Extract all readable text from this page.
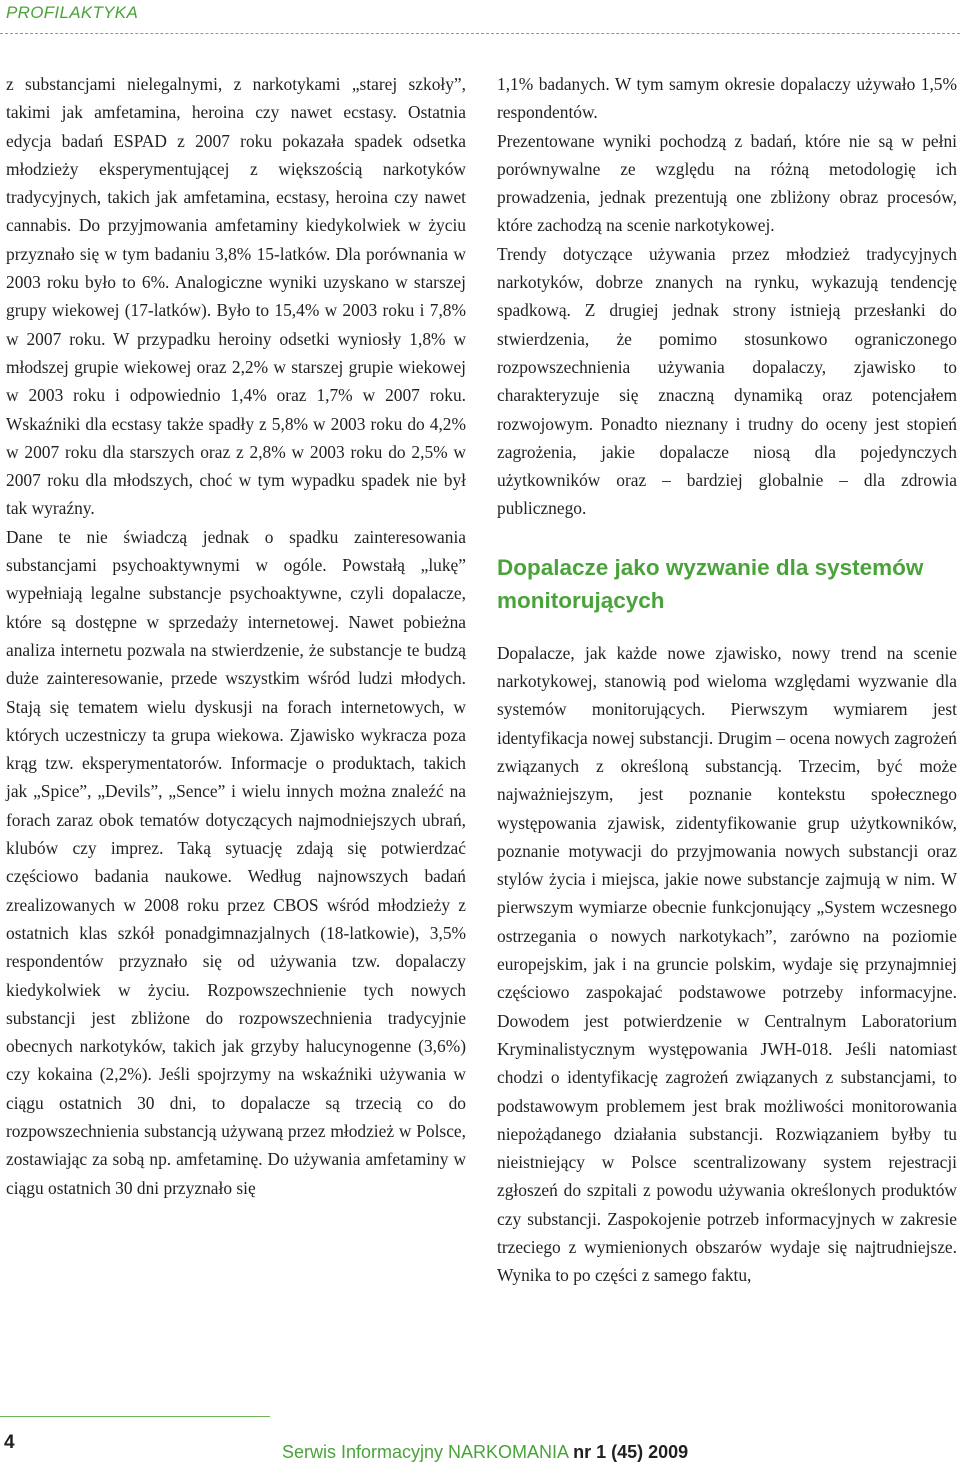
PROFILAKTYKA

z substancjami nielegalnymi, z narkotykami „starej szkoły”, takimi jak amfetamina, heroina czy nawet ecstasy. Ostatnia edycja badań ESPAD z 2007 roku pokazała spadek odsetka młodzieży eksperymentującej z większością narkotyków tradycyjnych, takich jak amfetamina, ecstasy, heroina czy nawet cannabis. Do przyjmowania amfetaminy kiedykolwiek w życiu przyznało się w tym badaniu 3,8% 15-latków. Dla porównania w 2003 roku było to 6%. Analogiczne wyniki uzyskano w starszej grupy wiekowej (17-latków). Było to 15,4% w 2003 roku i 7,8% w 2007 roku. W przypadku heroiny odsetki wyniosły 1,8% w młodszej grupie wiekowej oraz 2,2% w starszej grupie wiekowej w 2003 roku i odpowiednio 1,4% oraz 1,7% w 2007 roku. Wskaźniki dla ecstasy także spadły z 5,8% w 2003 roku do 4,2% w 2007 roku dla starszych oraz z 2,8% w 2003 roku do 2,5% w 2007 roku dla młodszych, choć w tym wypadku spadek nie był tak wyraźny.

Dane te nie świadczą jednak o spadku zainteresowania substancjami psychoaktywnymi w ogóle. Powstałą „lukę” wypełniają legalne substancje psychoaktywne, czyli dopalacze, które są dostępne w sprzedaży internetowej. Nawet pobieżna analiza internetu pozwala na stwierdzenie, że substancje te budzą duże zainteresowanie, przede wszystkim wśród ludzi młodych. Stają się tematem wielu dyskusji na forach internetowych, w których uczestniczy ta grupa wiekowa. Zjawisko wykracza poza krąg tzw. eksperymentatorów. Informacje o produktach, takich jak „Spice”, „Devils”, „Sence” i wielu innych można znaleźć na forach zaraz obok tematów dotyczących najmodniejszych ubrań, klubów czy imprez. Taką sytuację zdają się potwierdzać częściowo badania naukowe. Według najnowszych badań zrealizowanych w 2008 roku przez CBOS wśród młodzieży z ostatnich klas szkół ponadgimnazjalnych (18-latkowie), 3,5% respondentów przyznało się od używania tzw. dopalaczy kiedykolwiek w życiu. Rozpowszechnienie tych nowych substancji jest zbliżone do rozpowszechnienia tradycyjnie obecnych narkotyków, takich jak grzyby halucynogenne (3,6%) czy kokaina (2,2%). Jeśli spojrzymy na wskaźniki używania w ciągu ostatnich 30 dni, to dopalacze są trzecią co do rozpowszechnienia substancją używaną przez młodzież w Polsce, zostawiając za sobą np. amfetaminę. Do używania amfetaminy w ciągu ostatnich 30 dni przyznało się

1,1% badanych. W tym samym okresie dopalaczy używało 1,5% respondentów.

Prezentowane wyniki pochodzą z badań, które nie są w pełni porównywalne ze względu na różną metodologię ich prowadzenia, jednak prezentują one zbliżony obraz procesów, które zachodzą na scenie narkotykowej.

Trendy dotyczące używania przez młodzież tradycyjnych narkotyków, dobrze znanych na rynku, wykazują tendencję spadkową. Z drugiej jednak strony istnieją przesłanki do stwierdzenia, że pomimo stosunkowo ograniczonego rozpowszechnienia używania dopalaczy, zjawisko to charakteryzuje się znaczną dynamiką oraz potencjałem rozwojowym. Ponadto nieznany i trudny do oceny jest stopień zagrożenia, jakie dopalacze niosą dla pojedynczych użytkowników oraz – bardziej globalnie – dla zdrowia publicznego.

Dopalacze jako wyzwanie dla systemów monitorujących

Dopalacze, jak każde nowe zjawisko, nowy trend na scenie narkotykowej, stanowią pod wieloma względami wyzwanie dla systemów monitorujących. Pierwszym wymiarem jest identyfikacja nowej substancji. Drugim – ocena nowych zagrożeń związanych z określoną substancją. Trzecim, być może najważniejszym, jest poznanie kontekstu społecznego występowania zjawisk, zidentyfikowanie grup użytkowników, poznanie motywacji do przyjmowania nowych substancji oraz stylów życia i miejsca, jakie nowe substancje zajmują w nim. W pierwszym wymiarze obecnie funkcjonujący „System wczesnego ostrzegania o nowych narkotykach”, zarówno na poziomie europejskim, jak i na gruncie polskim, wydaje się przynajmniej częściowo zaspokajać podstawowe potrzeby informacyjne. Dowodem jest potwierdzenie w Centralnym Laboratorium Kryminalistycznym występowania JWH-018. Jeśli natomiast chodzi o identyfikację zagrożeń związanych z substancjami, to podstawowym problemem jest brak możliwości monitorowania niepożądanego działania substancji. Rozwiązaniem byłby tu nieistniejący w Polsce scentralizowany system rejestracji zgłoszeń do szpitali z powodu używania określonych produktów czy substancji. Zaspokojenie potrzeb informacyjnych w zakresie trzeciego z wymienionych obszarów wydaje się najtrudniejsze. Wynika to po części z samego faktu,

4	Serwis Informacyjny NARKOMANIA nr 1 (45) 2009
